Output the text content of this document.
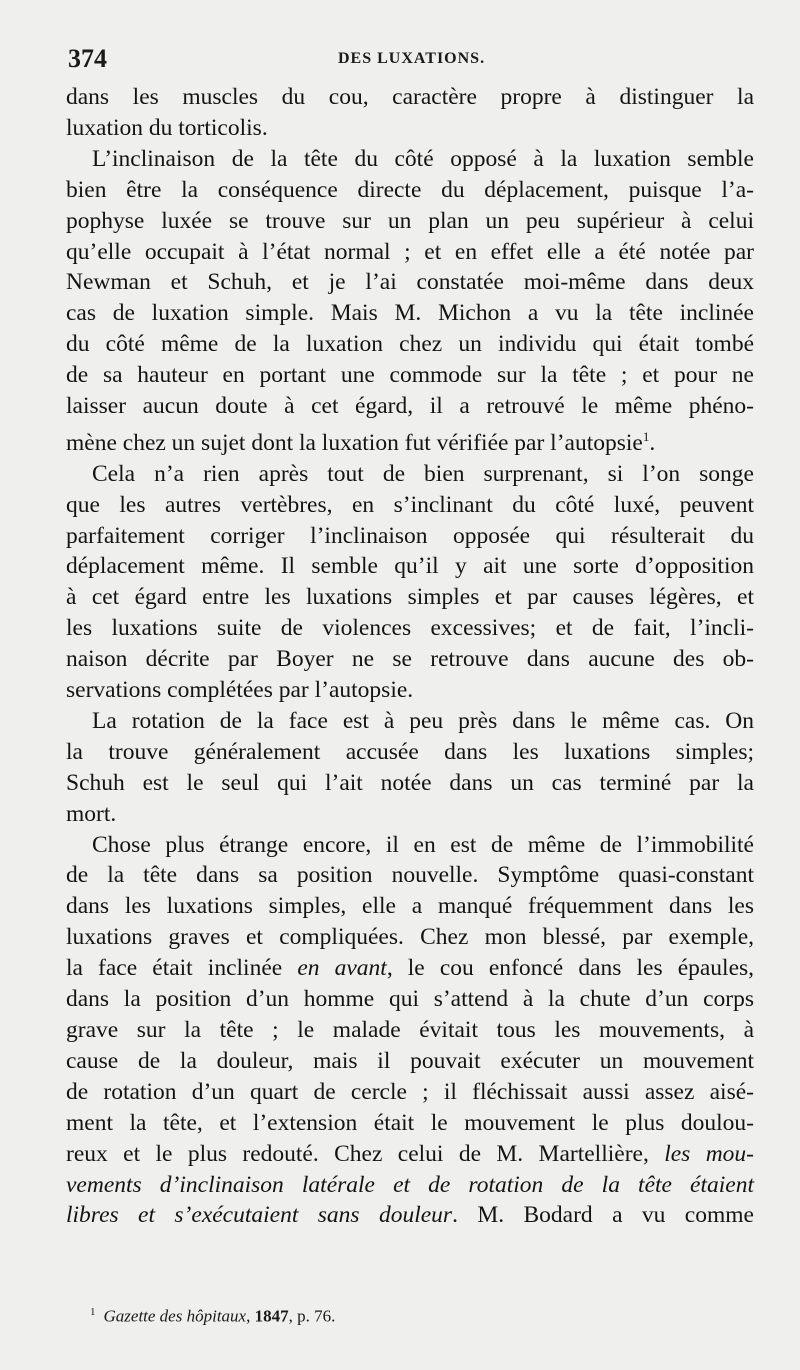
374	DES LUXATIONS.
dans les muscles du cou, caractère propre à distinguer la
luxation du torticolis.
L’inclinaison de la tête du côté opposé à la luxation semble
bien être la conséquence directe du déplacement, puisque l’a-
pophyse luxée se trouve sur un plan un peu supérieur à celui
qu’elle occupait à l’état normal ; et en effet elle a été notée par
Newman et Schuh, et je l’ai constatée moi-même dans deux
cas de luxation simple. Mais M. Michon a vu la tête inclinée
du côté même de la luxation chez un individu qui était tombé
de sa hauteur en portant une commode sur la tête ; et pour ne
laisser aucun doute à cet égard, il a retrouvé le même phéno-
mène chez un sujet dont la luxation fut vérifiée par l’autopsie$^1$.
Cela n’a rien après tout de bien surprenant, si l’on songe
que les autres vertèbres, en s’inclinant du côté luxé, peuvent
parfaitement corriger l’inclinaison opposée qui résulterait du
déplacement même. Il semble qu’il y ait une sorte d’opposition
à cet égard entre les luxations simples et par causes légères, et
les luxations suite de violences excessives; et de fait, l’incli-
naison décrite par Boyer ne se retrouve dans aucune des ob-
servations complétées par l’autopsie.
La rotation de la face est à peu près dans le même cas. On
la trouve généralement accusée dans les luxations simples;
Schuh est le seul qui l’ait notée dans un cas terminé par la
mort.
Chose plus étrange encore, il en est de même de l’immobilité
de la tête dans sa position nouvelle. Symptôme quasi-constant
dans les luxations simples, elle a manqué fréquemment dans les
luxations graves et compliquées. Chez mon blessé, par exemple,
la face était inclinée en avant, le cou enfoncé dans les épaules,
dans la position d’un homme qui s’attend à la chute d’un corps
grave sur la tête ; le malade évitait tous les mouvements, à
cause de la douleur, mais il pouvait exécuter un mouvement
de rotation d’un quart de cercle ; il fléchissait aussi assez aisé-
ment la tête, et l’extension était le mouvement le plus doulou-
reux et le plus redouté. Chez celui de M. Martellière, les mou-
vements d’inclinaison latérale et de rotation de la tête étaient
libres et s’exécutaient sans douleur. M. Bodard a vu comme
$^1$ Gazette des hôpitaux, 1847, p. 76.
